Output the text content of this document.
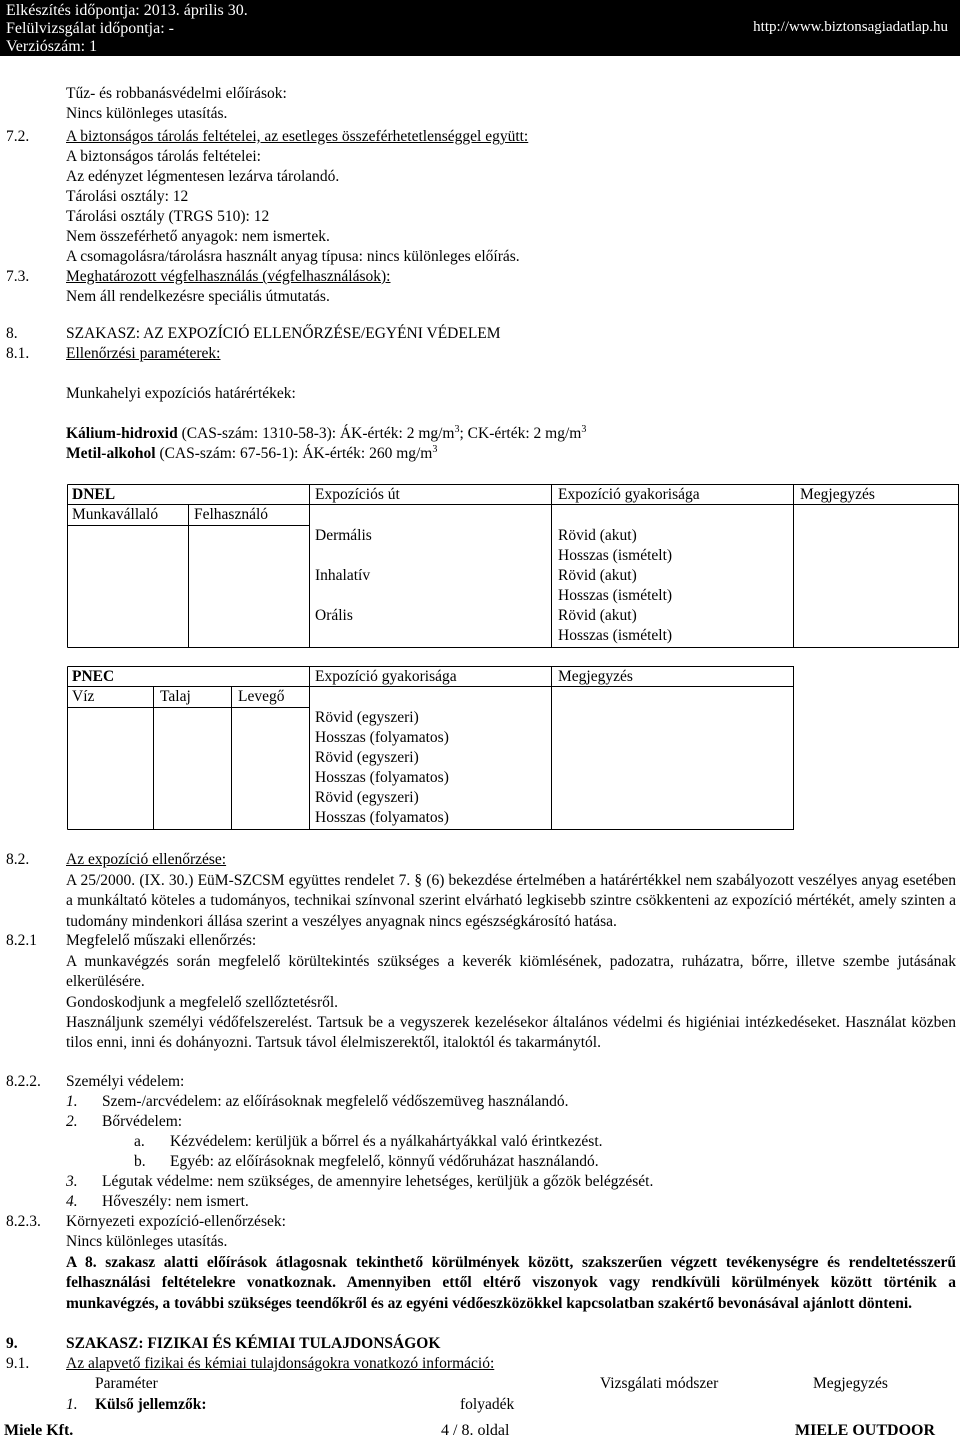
Elkészítés időpontja: 2013. április 30.
Felülvizsgálat időpontja: -
Verziószám: 1
http://www.biztonsagiadatlap.hu
Tűz- és robbanásvédelmi előírások:
Nincs különleges utasítás.
7.2. A biztonságos tárolás feltételei, az esetleges összeférhetetlenséggel együtt:
A biztonságos tárolás feltételei:
Az edényzet légmentesen lezárva tárolandó.
Tárolási osztály: 12
Tárolási osztály (TRGS 510): 12
Nem összeférhető anyagok: nem ismertek.
A csomagolásra/tárolásra használt anyag típusa: nincs különleges előírás.
7.3. Meghatározott végfelhasználás (végfelhasználások):
Nem áll rendelkezésre speciális útmutatás.
8.	SZAKASZ: AZ EXPOZÍCIÓ ELLENŐRZÉSE/EGYÉNI VÉDELEM
8.1. Ellenőrzési paraméterek:
Munkahelyi expozíciós határértékek:
Kálium-hidroxid (CAS-szám: 1310-58-3): ÁK-érték: 2 $mg/m^3$; CK-érték: 2 $mg/m^3$
Metil-alkohol (CAS-szám: 67-56-1): ÁK-érték: 260 $mg/m^3$
DNEL	Expozíciós út	Expozíció gyakorisága	Megjegyzés
Munkavállaló Felhasználó
Dermális	Rövid (akut)
Hosszas (ismételt)
Inhalatív	Rövid (akut)
Hosszas (ismételt)
Orális	Rövid (akut)
Hosszas (ismételt)
PNEC	Expozíció gyakorisága	Megjegyzés
Víz	Talaj	Levegő
Rövid (egyszeri)
Hosszas (folyamatos)
Rövid (egyszeri)
Hosszas (folyamatos)
Rövid (egyszeri)
Hosszas (folyamatos)
8.2. Az expozíció ellenőrzése:

A 25/2000. (IX. 30.) EüM-SZCSM együttes rendelet 7. § (6) bekezdése értelmében a határértékkel nem szabályozott veszélyes anyag esetében a munkáltató köteles a tudományos, technikai színvonal szerint elvárható legkisebb szintre csökkenteni az expozíció mértékét, amely szinten a tudomány mindenkori állása szerint a veszélyes anyagnak nincs egészségkárosító hatása.

8.2.1 Megfelelő műszaki ellenőrzés:

A munkavégzés során megfelelő körültekintés szükséges a keverék kiömlésének, padozatra, ruházatra, bőrre, illetve szembe jutásának elkerülésére.

Gondoskodjunk a megfelelő szellőztetésről.

Használjunk személyi védőfelszerelést. Tartsuk be a vegyszerek kezelésekor általános védelmi és higiéniai intézkedéseket. Használat közben tilos enni, inni és dohányozni. Tartsuk távol élelmiszerektől, italoktól és takarmánytól.

8.2.2. Személyi védelem:
1. Szem-/arcvédelem: az előírásoknak megfelelő védőszemüveg használandó.
2. Bőrvédelem:
a. Kézvédelem: kerüljük a bőrrel és a nyálkahártyákkal való érintkezést.
b. Egyéb: az előírásoknak megfelelő, könnyű védőruházat használandó.
3. Légutak védelme: nem szükséges, de amennyire lehetséges, kerüljük a gőzök belégzését.
4. Hőveszély: nem ismert.
8.2.3. Környezeti expozíció-ellenőrzések:
Nincs különleges utasítás.

A 8. szakasz alatti előírások átlagosnak tekinthető körülmények között, szakszerűen végzett tevékenységre és rendeltetésszerű felhasználási feltételekre vonatkoznak. Amennyiben ettől eltérő viszonyok vagy rendkívüli körülmények között történik a munkavégzés, a további szükséges teendőkről és az egyéni védőeszközökkel kapcsolatban szakértő bevonásával ajánlott dönteni.

9.	SZAKASZ: FIZIKAI ÉS KÉMIAI TULAJDONSÁGOK
9.1. Az alapvető fizikai és kémiai tulajdonságokra vonatkozó információ:
Paraméter	Vizsgálati módszer	Megjegyzés
1. Külső jellemzők:	folyadék
Miele Kft.	4 / 8. oldal	MIELE OUTDOOR
